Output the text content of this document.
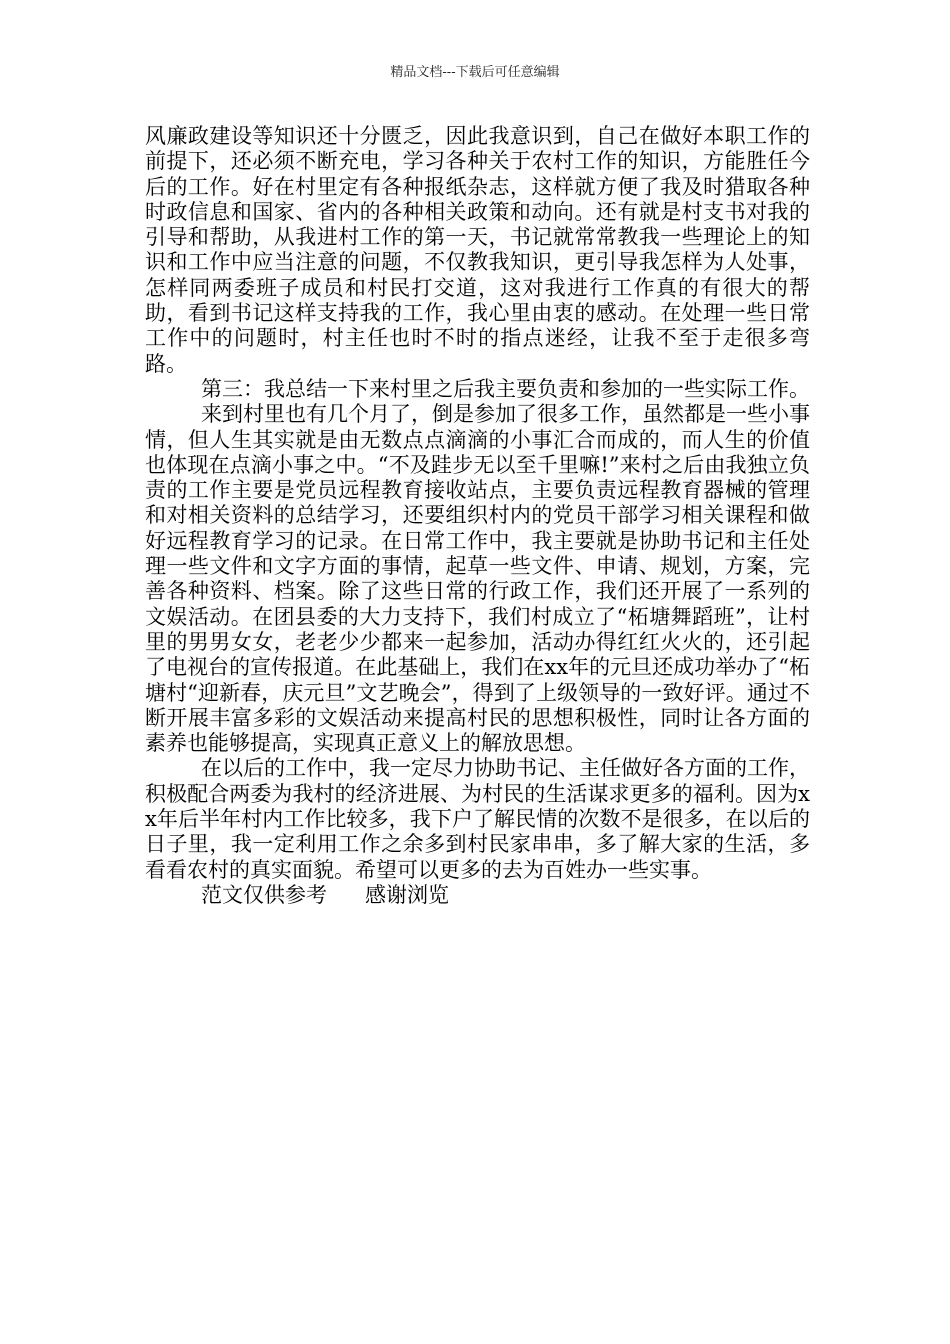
精品文档---下载后可任意编辑

风廉政建设等知识还十分匮乏，因此我意识到，自己在做好本职工作的前提下，还必须不断充电，学习各种关于农村工作的知识，方能胜任今后的工作。好在村里定有各种报纸杂志，这样就方便了我及时猎取各种时政信息和国家、省内的各种相关政策和动向。还有就是村支书对我的引导和帮助，从我进村工作的第一天，书记就常常教我一些理论上的知识和工作中应当注意的问题，不仅教我知识，更引导我怎样为人处事，怎样同两委班子成员和村民打交道，这对我进行工作真的有很大的帮助，看到书记这样支持我的工作，我心里由衷的感动。在处理一些日常工作中的问题时，村主任也时不时的指点迷经，让我不至于走很多弯路。

第三：我总结一下来村里之后我主要负责和参加的一些实际工作。

来到村里也有几个月了，倒是参加了很多工作，虽然都是一些小事情，但人生其实就是由无数点点滴滴的小事汇合而成的，而人生的价值也体现在点滴小事之中。“不及跬步无以至千里嘛!”来村之后由我独立负责的工作主要是党员远程教育接收站点，主要负责远程教育器械的管理和对相关资料的总结学习，还要组织村内的党员干部学习相关课程和做好远程教育学习的记录。在日常工作中，我主要就是协助书记和主任处理一些文件和文字方面的事情，起草一些文件、申请、规划，方案，完善各种资料、档案。除了这些日常的行政工作，我们还开展了一系列的文娱活动。在团县委的大力支持下，我们村成立了“柘塘舞蹈班”，让村里的男男女女，老老少少都来一起参加，活动办得红红火火的，还引起了电视台的宣传报道。在此基础上，我们在xx年的元旦还成功举办了“柘塘村“迎新春，庆元旦”文艺晚会”，得到了上级领导的一致好评。通过不断开展丰富多彩的文娱活动来提高村民的思想积极性，同时让各方面的素养也能够提高，实现真正意义上的解放思想。

在以后的工作中，我一定尽力协助书记、主任做好各方面的工作，积极配合两委为我村的经济进展、为村民的生活谋求更多的福利。因为xx年后半年村内工作比较多，我下户了解民情的次数不是很多，在以后的日子里，我一定利用工作之余多到村民家串串，多了解大家的生活，多看看农村的真实面貌。希望可以更多的去为百姓办一些实事。

范文仅供参考 感谢浏览
